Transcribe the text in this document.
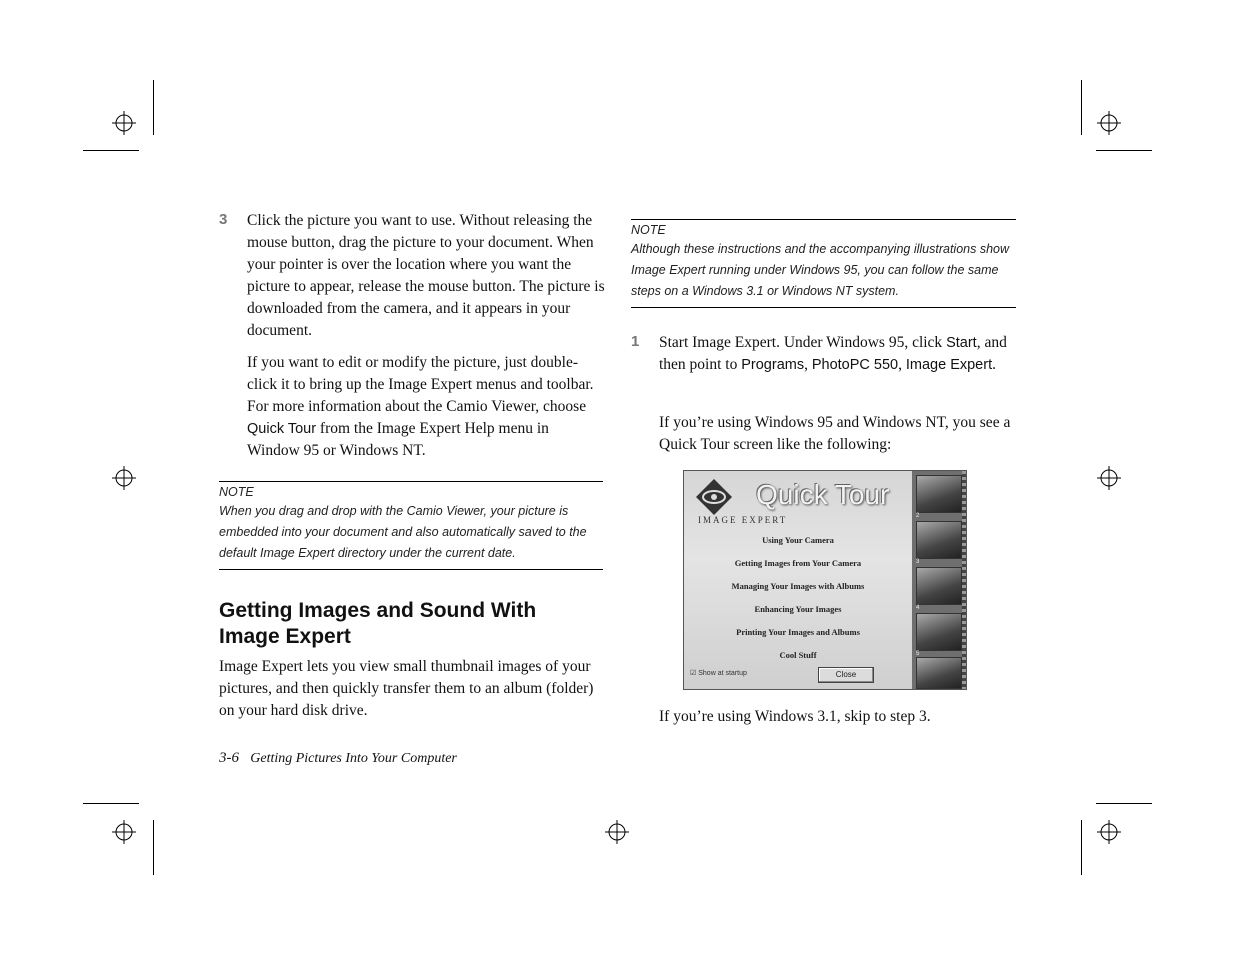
3 Click the picture you want to use. Without releasing the mouse button, drag the picture to your document. When your pointer is over the location where you want the picture to appear, release the mouse button. The picture is downloaded from the camera, and it appears in your document.
If you want to edit or modify the picture, just double-click it to bring up the Image Expert menus and toolbar. For more information about the Camio Viewer, choose Quick Tour from the Image Expert Help menu in Window 95 or Windows NT.
NOTE
When you drag and drop with the Camio Viewer, your picture is embedded into your document and also automatically saved to the default Image Expert directory under the current date.
Getting Images and Sound With Image Expert
Image Expert lets you view small thumbnail images of your pictures, and then quickly transfer them to an album (folder) on your hard disk drive.
3-6 Getting Pictures Into Your Computer
NOTE
Although these instructions and the accompanying illustrations show Image Expert running under Windows 95, you can follow the same steps on a Windows 3.1 or Windows NT system.
1 Start Image Expert. Under Windows 95, click Start, and then point to Programs, PhotoPC 550, Image Expert.
If you’re using Windows 95 and Windows NT, you see a Quick Tour screen like the following:
IMAGE EXPERT
Quick Tour
Using Your Camera
Getting Images from Your Camera
Managing Your Images with Albums
Enhancing Your Images
Printing Your Images and Albums
Cool Stuff
☑ Show at startup	Close
2
3
4
5
If you’re using Windows 3.1, skip to step 3.
